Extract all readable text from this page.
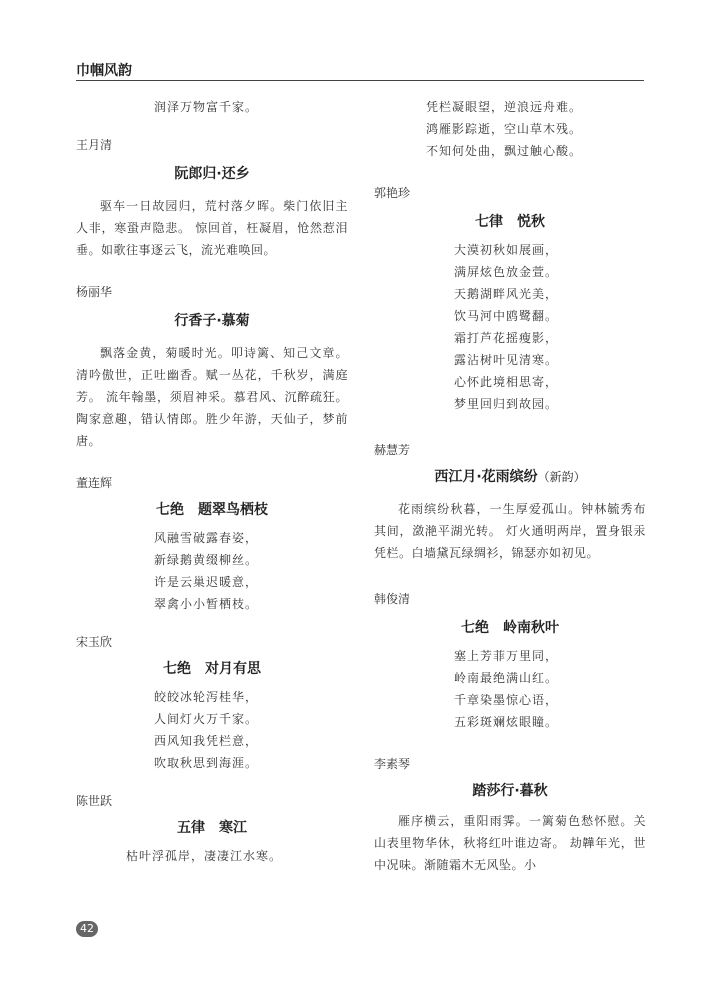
巾帼风韵
润泽万物富千家。

王月清

阮郎归·还乡

驱车一日故园归，荒村落夕晖。柴门依旧主人非，寒蛩声隐悲。 惊回首，枉凝眉，怆然惹泪垂。如歌往事逐云飞，流光难唤回。

杨丽华

行香子·慕菊

飘落金黄，菊暖时光。叩诗篱、知己文章。清吟傲世，正吐幽香。赋一丛花，千秋岁，满庭芳。 流年翰墨，须眉神采。慕君风、沉醉疏狂。陶家意趣，错认情郎。胜少年游，天仙子，梦前唐。

董连辉

七绝　题翠鸟栖枝

风融雪破露春姿，
新绿鹅黄缀柳丝。
许是云巢迟暖意，
翠禽小小暂栖枝。

宋玉欣

七绝　对月有思

皎皎冰轮泻桂华，
人间灯火万千家。
西风知我凭栏意，
吹取秋思到海涯。

陈世跃

五律　寒江

枯叶浮孤岸，凄凄江水寒。
凭栏凝眼望，逆浪远舟难。
鸿雁影踪逝，空山草木残。
不知何处曲，飘过触心酸。

郭艳珍

七律　悦秋

大漠初秋如展画，
满屏炫色放金萱。
天鹅湖畔风光美，
饮马河中鸥鹭翻。
霜打芦花摇瘦影，
露沾树叶见清寒。
心怀此境相思寄，
梦里回归到故园。

赫慧芳

西江月·花雨缤纷（新韵）

花雨缤纷秋暮，一生厚爱孤山。钟林毓秀布其间，潋滟平湖光转。 灯火通明两岸，置身银汞凭栏。白墙黛瓦绿绸衫，锦瑟亦如初见。

韩俊清

七绝　岭南秋叶

塞上芳菲万里同，
岭南最绝满山红。
千章染墨惊心语，
五彩斑斓炫眼瞳。

李素琴

踏莎行·暮秋

雁序横云，重阳雨霁。一篱菊色愁怀慰。关山表里物华休，秋将红叶谁边寄。 劫韡年光，世中况味。渐随霜木无风坠。小

42
